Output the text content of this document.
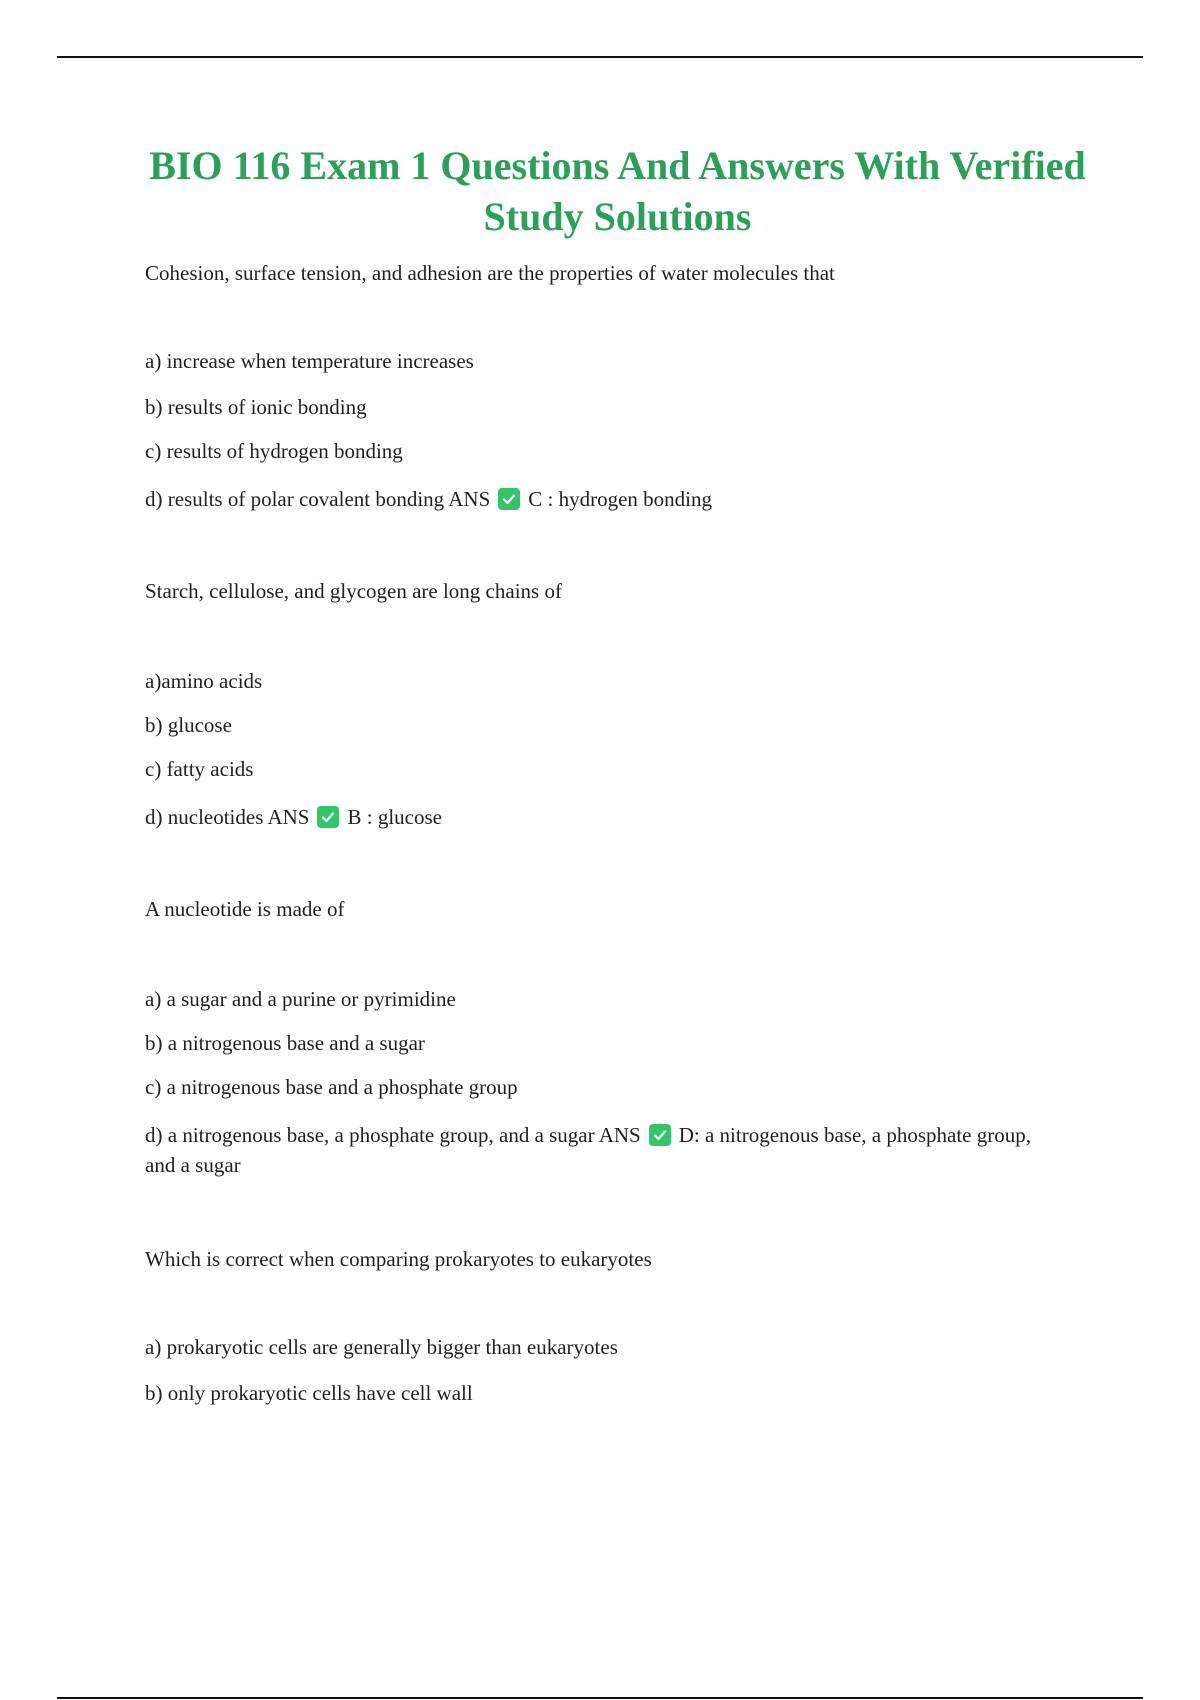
BIO 116 Exam 1 Questions And Answers With Verified Study Solutions
Cohesion, surface tension, and adhesion are the properties of water molecules that
a) increase when temperature increases
b) results of ionic bonding
c) results of hydrogen bonding
d) results of polar covalent bonding ANS C : hydrogen bonding
Starch, cellulose, and glycogen are long chains of
a)amino acids
b) glucose
c) fatty acids
d) nucleotides ANS B : glucose
A nucleotide is made of
a) a sugar and a purine or pyrimidine
b) a nitrogenous base and a sugar
c) a nitrogenous base and a phosphate group
d) a nitrogenous base, a phosphate group, and a sugar ANS D: a nitrogenous base, a phosphate group, and a sugar
Which is correct when comparing prokaryotes to eukaryotes
a) prokaryotic cells are generally bigger than eukaryotes
b) only prokaryotic cells have cell wall
